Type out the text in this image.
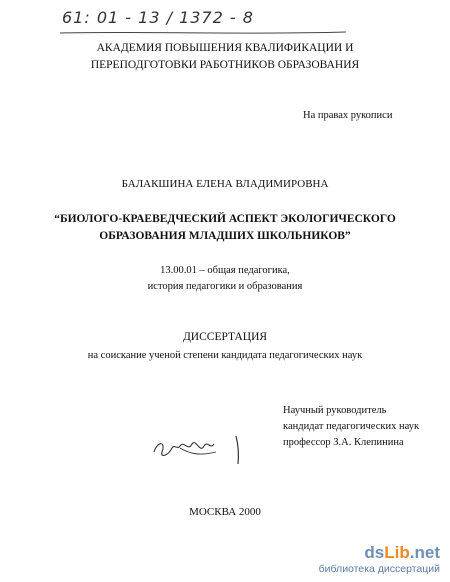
61: 01 - 13 / 1372 - 8
АКАДЕМИЯ ПОВЫШЕНИЯ КВАЛИФИКАЦИИ И
ПЕРЕПОДГОТОВКИ РАБОТНИКОВ ОБРАЗОВАНИЯ
На правах рукописи
БАЛАКШИНА ЕЛЕНА ВЛАДИМИРОВНА
“БИОЛОГО-КРАЕВЕДЧЕСКИЙ АСПЕКТ ЭКОЛОГИЧЕСКОГО
ОБРАЗОВАНИЯ МЛАДШИХ ШКОЛЬНИКОВ”
13.00.01 – общая педагогика,
история педагогики и образования
ДИССЕРТАЦИЯ
на соискание ученой степени кандидата педагогических наук
Научный руководитель
кандидат педагогических наук
профессор З.А. Клепинина
МОСКВА 2000
dsLib.net
библиотека диссертаций
